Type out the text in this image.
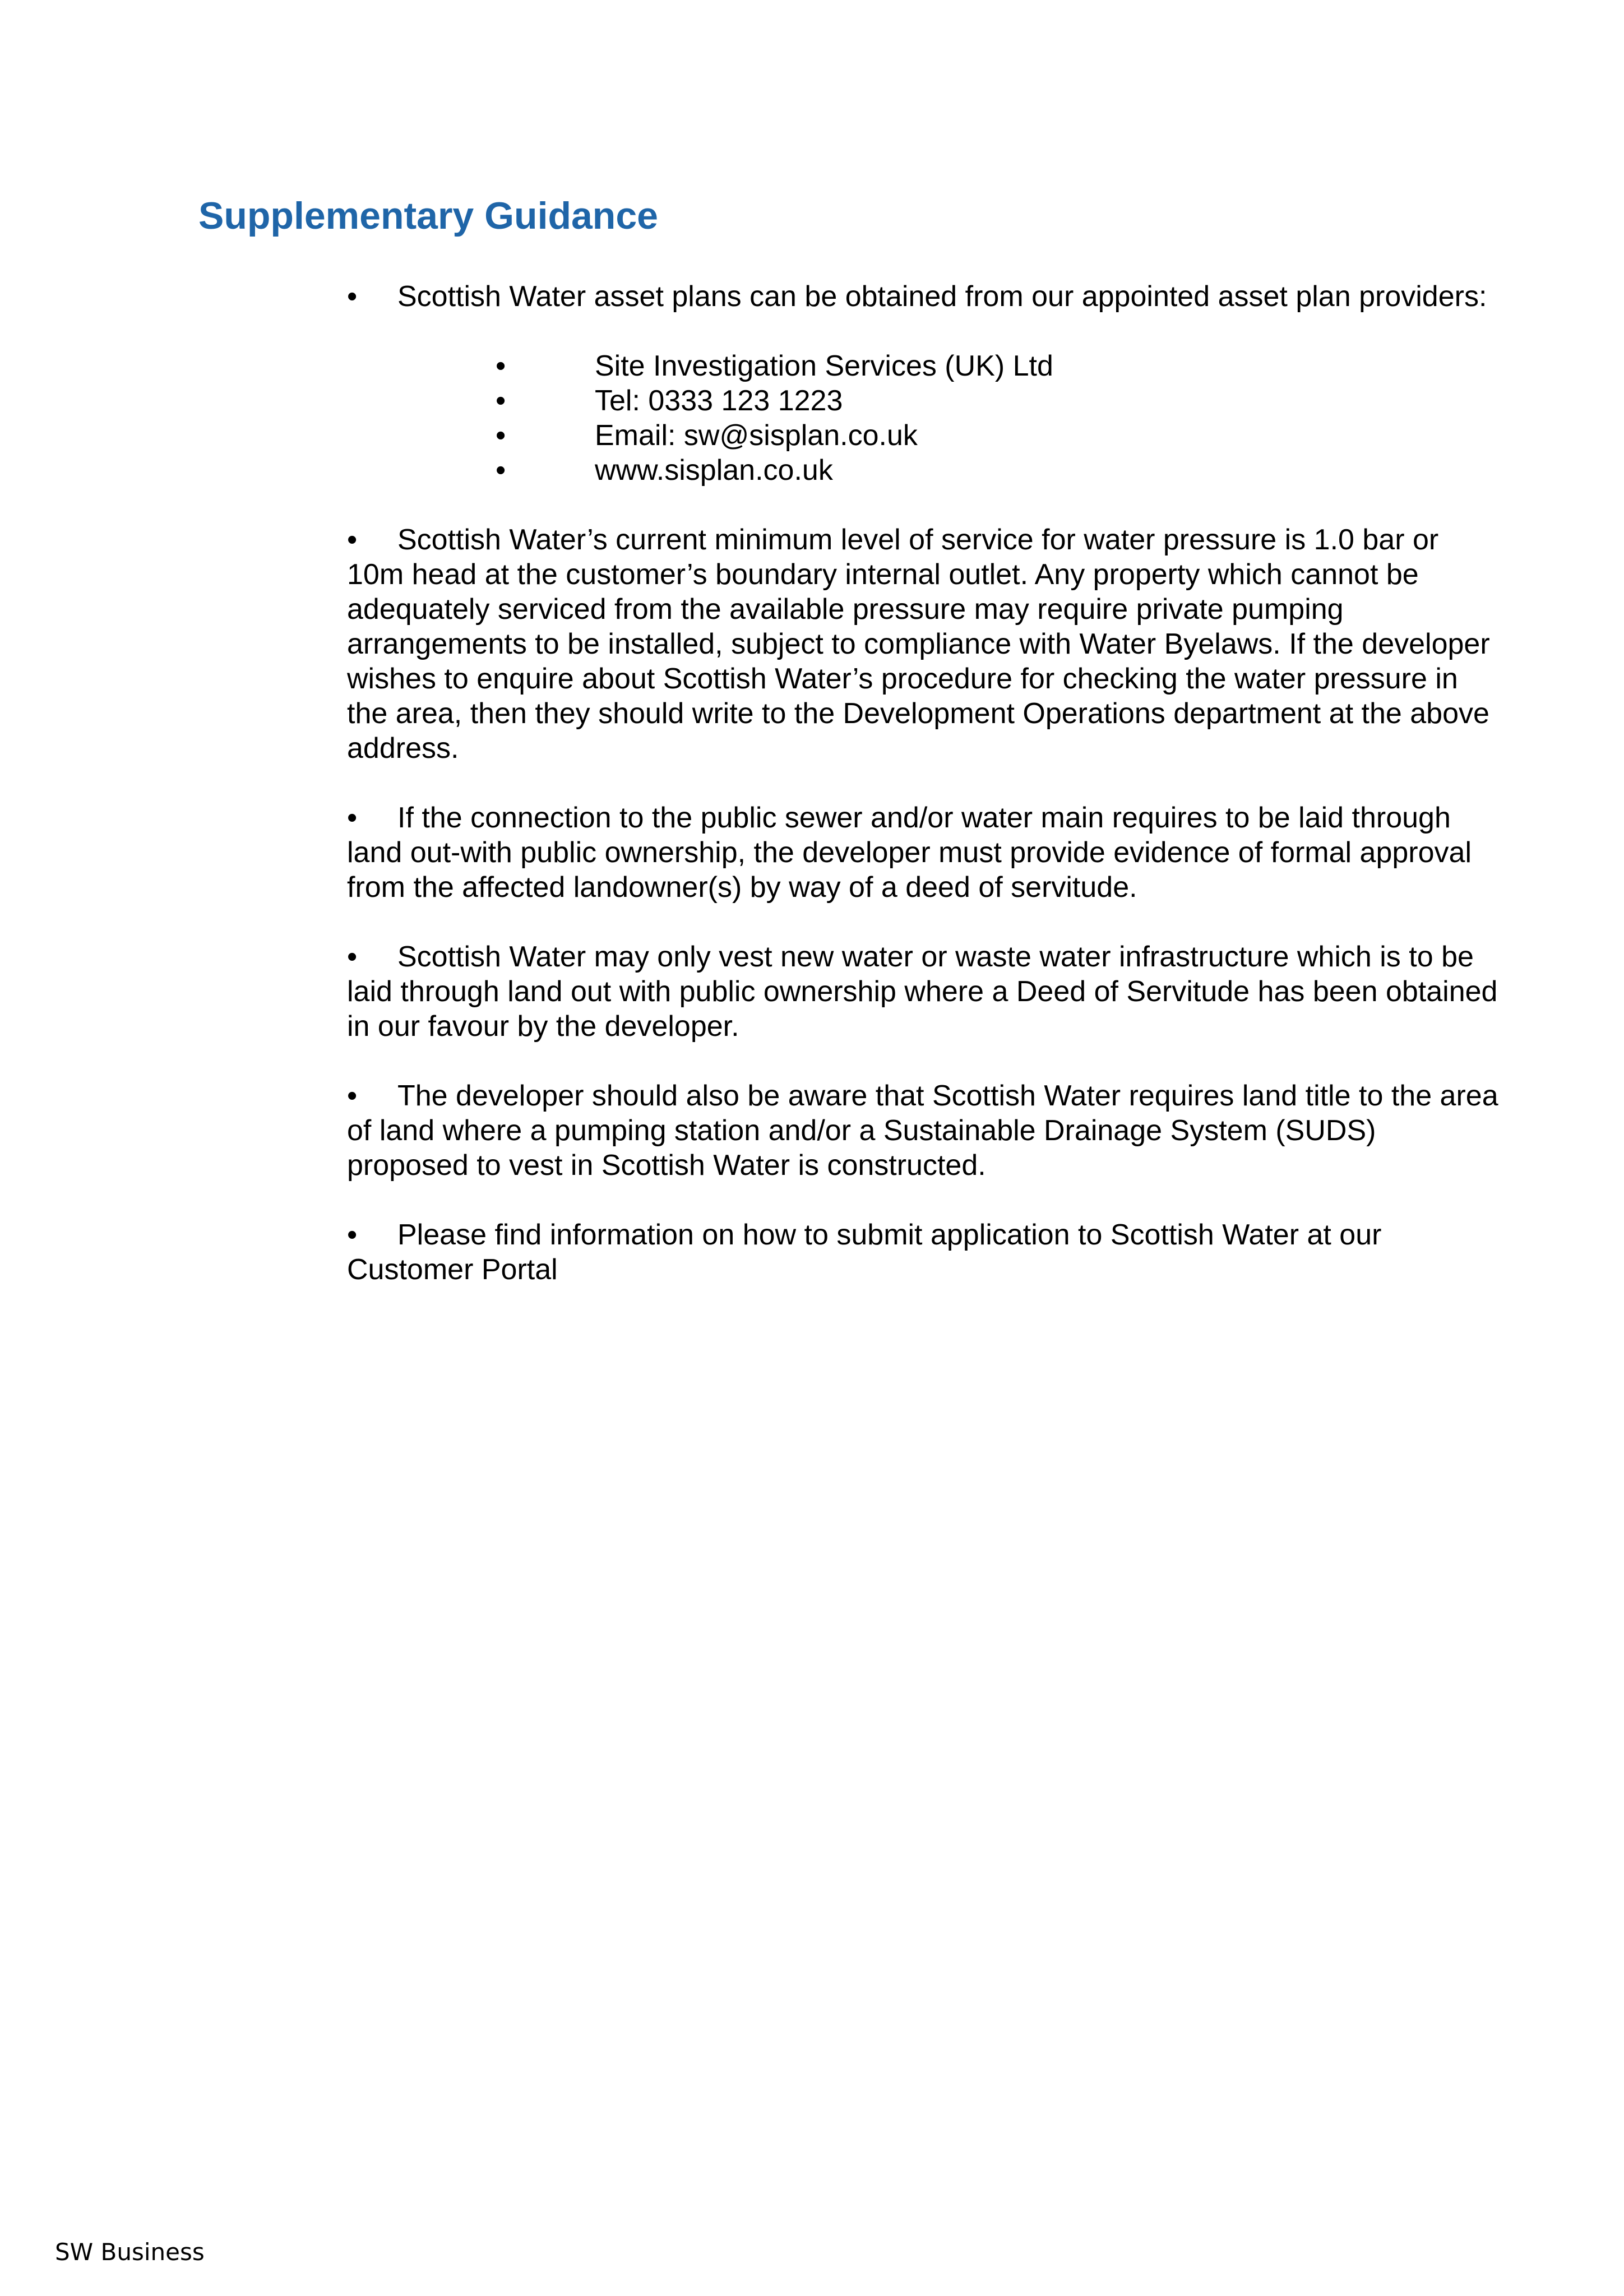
Supplementary Guidance

• Scottish Water asset plans can be obtained from our appointed asset plan providers:

•	Site Investigation Services (UK) Ltd
•	Tel: 0333 123 1223
•	Email: sw@sisplan.co.uk
•	www.sisplan.co.uk

• Scottish Water’s current minimum level of service for water pressure is 1.0 bar or 10m head at the customer’s boundary internal outlet. Any property which cannot be adequately serviced from the available pressure may require private pumping arrangements to be installed, subject to compliance with Water Byelaws. If the developer wishes to enquire about Scottish Water’s procedure for checking the water pressure in the area, then they should write to the Development Operations department at the above address.

• If the connection to the public sewer and/or water main requires to be laid through land out-with public ownership, the developer must provide evidence of formal approval from the affected landowner(s) by way of a deed of servitude.

• Scottish Water may only vest new water or waste water infrastructure which is to be laid through land out with public ownership where a Deed of Servitude has been obtained in our favour by the developer.

• The developer should also be aware that Scottish Water requires land title to the area of land where a pumping station and/or a Sustainable Drainage System (SUDS) proposed to vest in Scottish Water is constructed.

• Please find information on how to submit application to Scottish Water at our Customer Portal

SW Business
